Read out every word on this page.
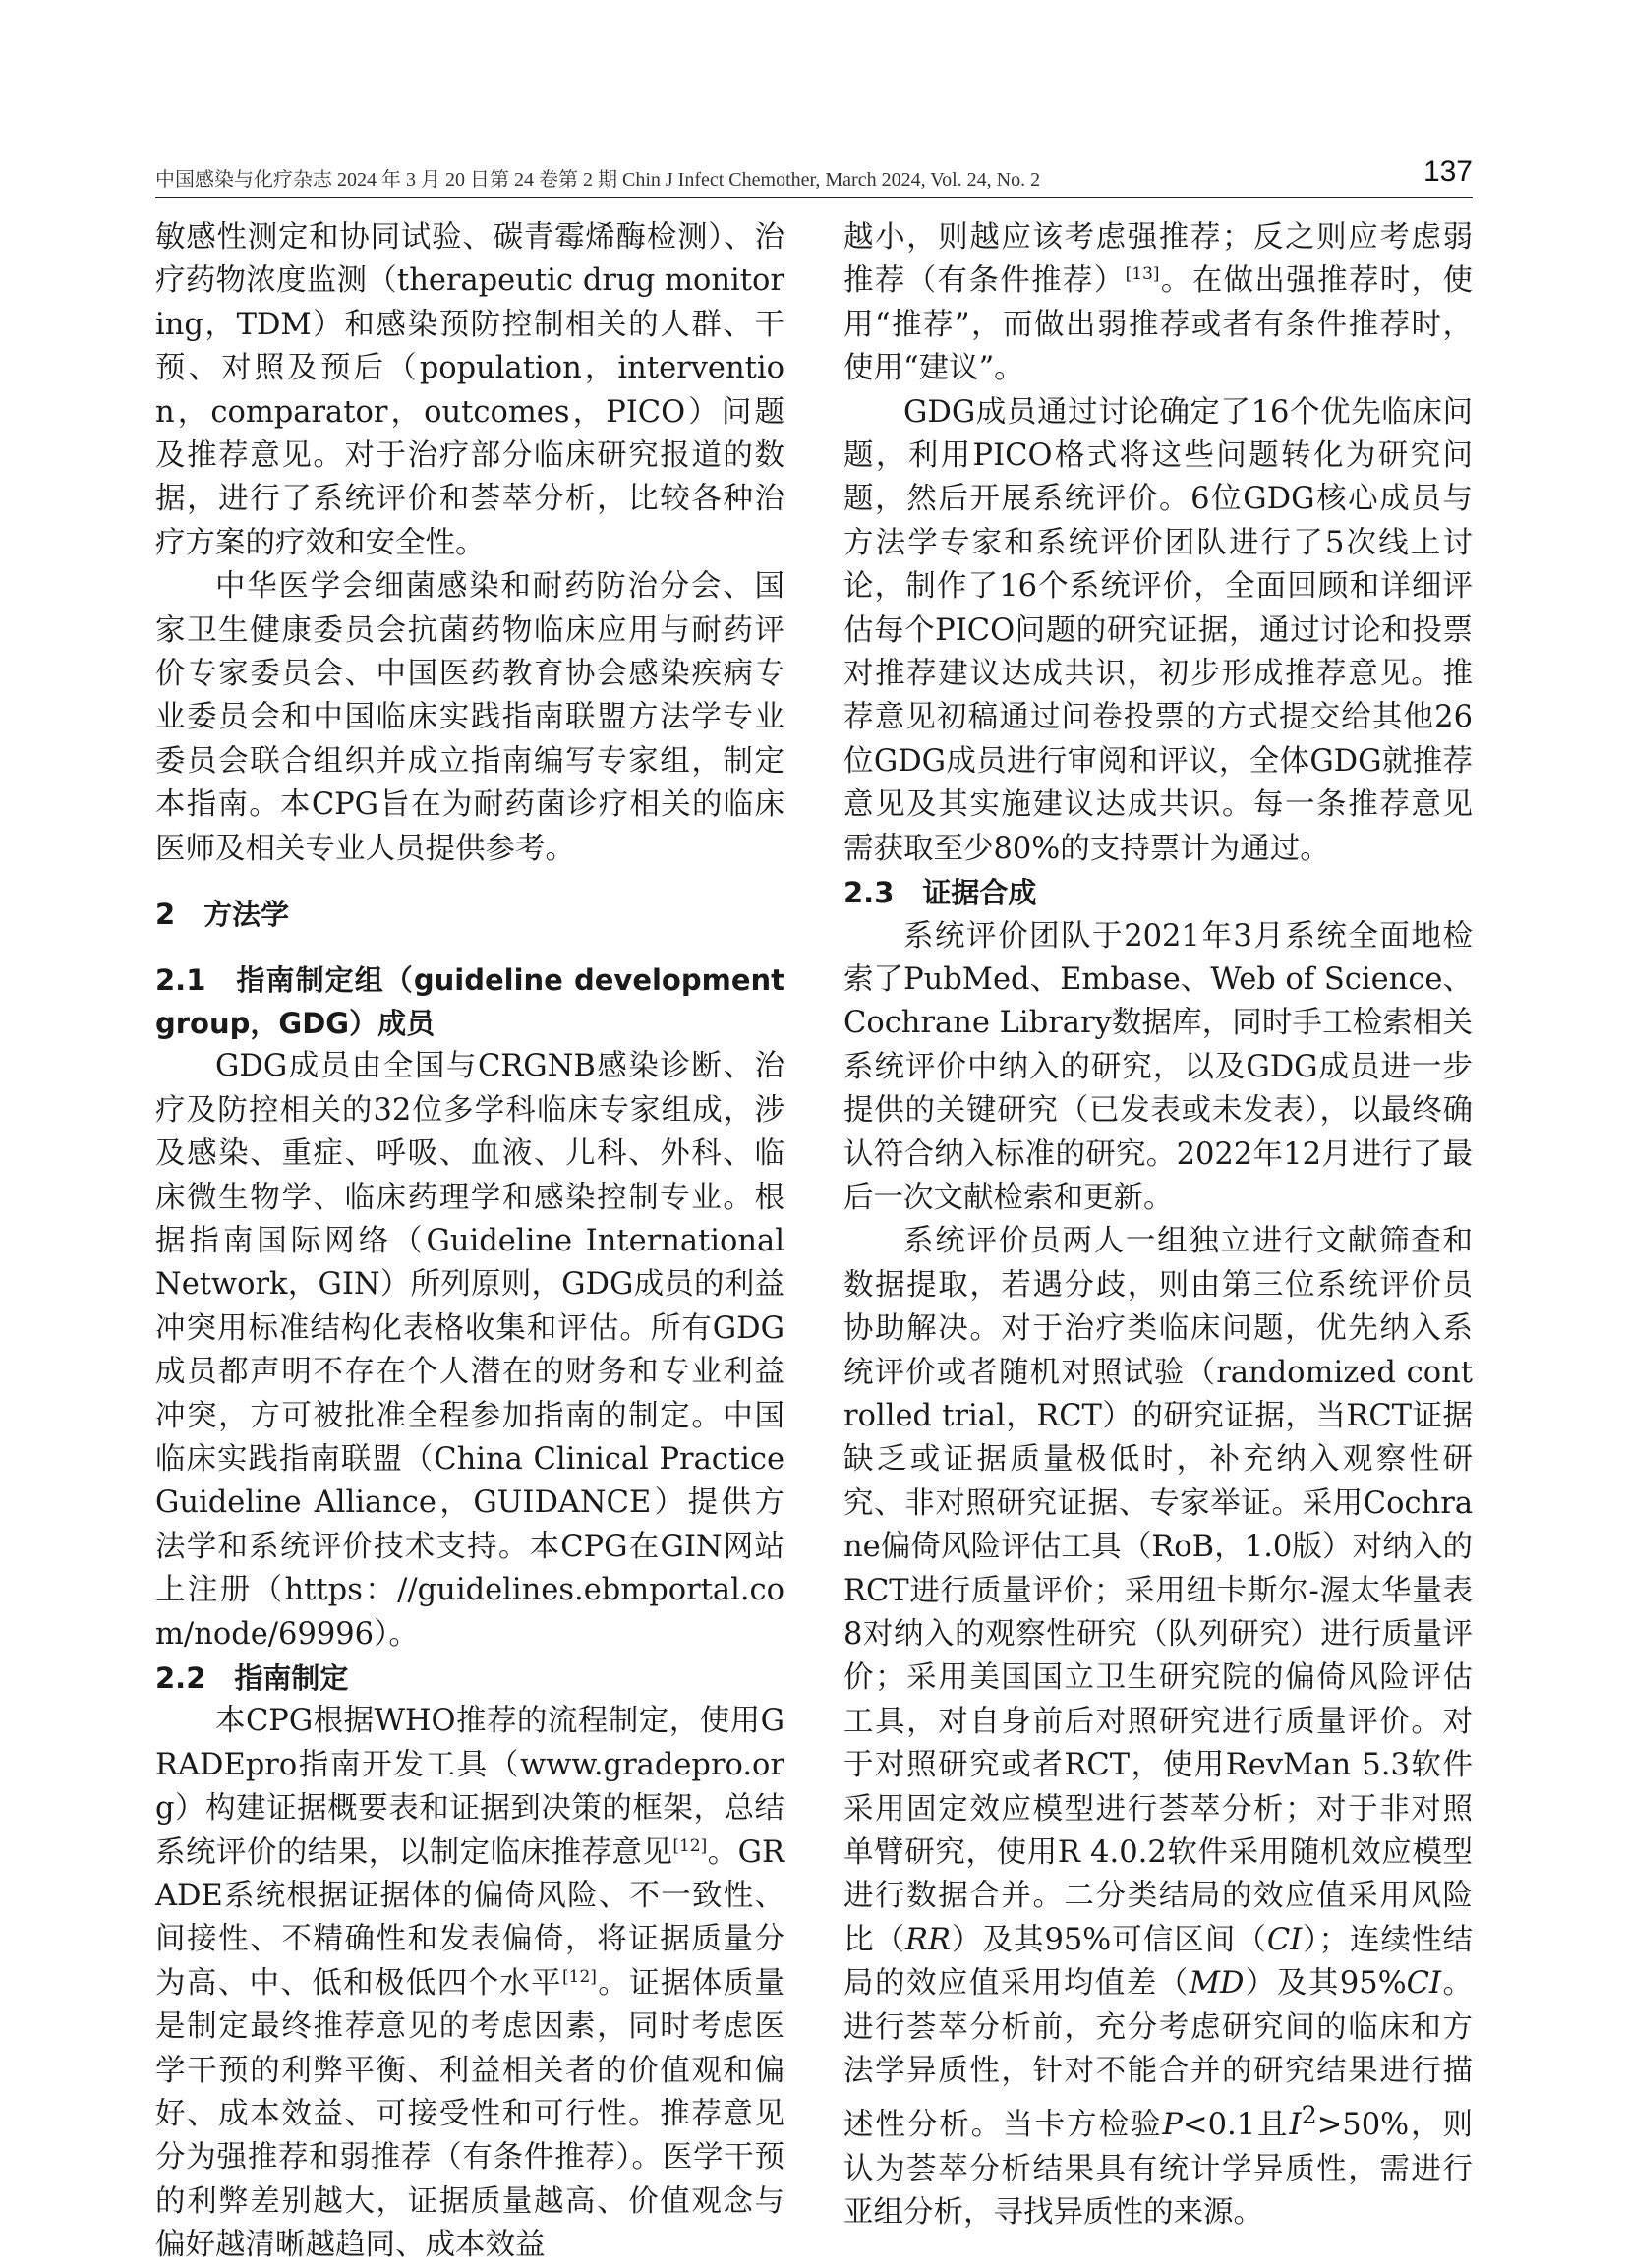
中国感染与化疗杂志 2024 年 3 月 20 日第 24 卷第 2 期 Chin J Infect Chemother, March 2024, Vol. 24, No. 2	137

敏感性测定和协同试验、碳青霉烯酶检测）、治疗药物浓度监测（therapeutic drug monitoring，TDM）和感染预防控制相关的人群、干预、对照及预后（population，intervention，comparator，outcomes，PICO）问题及推荐意见。对于治疗部分临床研究报道的数据，进行了系统评价和荟萃分析，比较各种治疗方案的疗效和安全性。

中华医学会细菌感染和耐药防治分会、国家卫生健康委员会抗菌药物临床应用与耐药评价专家委员会、中国医药教育协会感染疾病专业委员会和中国临床实践指南联盟方法学专业委员会联合组织并成立指南编写专家组，制定本指南。本CPG旨在为耐药菌诊疗相关的临床医师及相关专业人员提供参考。

2　方法学

2.1　指南制定组（guideline development group，GDG）成员

GDG成员由全国与CRGNB感染诊断、治疗及防控相关的32位多学科临床专家组成，涉及感染、重症、呼吸、血液、儿科、外科、临床微生物学、临床药理学和感染控制专业。根据指南国际网络（Guideline International Network，GIN）所列原则，GDG成员的利益冲突用标准结构化表格收集和评估。所有GDG成员都声明不存在个人潜在的财务和专业利益冲突，方可被批准全程参加指南的制定。中国临床实践指南联盟（China Clinical Practice Guideline Alliance，GUIDANCE）提供方法学和系统评价技术支持。本CPG在GIN网站上注册（https：//guidelines.ebmportal.com/node/69996）。

2.2　指南制定

本CPG根据WHO推荐的流程制定，使用GRADEpro指南开发工具（www.gradepro.org）构建证据概要表和证据到决策的框架，总结系统评价的结果，以制定临床推荐意见[12]。GRADE系统根据证据体的偏倚风险、不一致性、间接性、不精确性和发表偏倚，将证据质量分为高、中、低和极低四个水平[12]。证据体质量是制定最终推荐意见的考虑因素，同时考虑医学干预的利弊平衡、利益相关者的价值观和偏好、成本效益、可接受性和可行性。推荐意见分为强推荐和弱推荐（有条件推荐）。医学干预的利弊差别越大，证据质量越高、价值观念与偏好越清晰越趋同、成本效益

越小，则越应该考虑强推荐；反之则应考虑弱推荐（有条件推荐）[13]。在做出强推荐时，使用“推荐”，而做出弱推荐或者有条件推荐时，使用“建议”。

GDG成员通过讨论确定了16个优先临床问题，利用PICO格式将这些问题转化为研究问题，然后开展系统评价。6位GDG核心成员与方法学专家和系统评价团队进行了5次线上讨论，制作了16个系统评价，全面回顾和详细评估每个PICO问题的研究证据，通过讨论和投票对推荐建议达成共识，初步形成推荐意见。推荐意见初稿通过问卷投票的方式提交给其他26位GDG成员进行审阅和评议，全体GDG就推荐意见及其实施建议达成共识。每一条推荐意见需获取至少80%的支持票计为通过。

2.3　证据合成

系统评价团队于2021年3月系统全面地检索了PubMed、Embase、Web of Science、Cochrane Library数据库，同时手工检索相关系统评价中纳入的研究，以及GDG成员进一步提供的关键研究（已发表或未发表），以最终确认符合纳入标准的研究。2022年12月进行了最后一次文献检索和更新。

系统评价员两人一组独立进行文献筛查和数据提取，若遇分歧，则由第三位系统评价员协助解决。对于治疗类临床问题，优先纳入系统评价或者随机对照试验（randomized controlled trial，RCT）的研究证据，当RCT证据缺乏或证据质量极低时，补充纳入观察性研究、非对照研究证据、专家举证。采用Cochrane偏倚风险评估工具（RoB，1.0版）对纳入的RCT进行质量评价；采用纽卡斯尔-渥太华量表8对纳入的观察性研究（队列研究）进行质量评价；采用美国国立卫生研究院的偏倚风险评估工具，对自身前后对照研究进行质量评价。对于对照研究或者RCT，使用RevMan 5.3软件采用固定效应模型进行荟萃分析；对于非对照单臂研究，使用R 4.0.2软件采用随机效应模型进行数据合并。二分类结局的效应值采用风险比（RR）及其95%可信区间（CI）；连续性结局的效应值采用均值差（MD）及其95%CI。进行荟萃分析前，充分考虑研究间的临床和方法学异质性，针对不能合并的研究结果进行描述性分析。当卡方检验P<0.1且$I^2>50\%$，则认为荟萃分析结果具有统计学异质性，需进行亚组分析，寻找异质性的来源。
